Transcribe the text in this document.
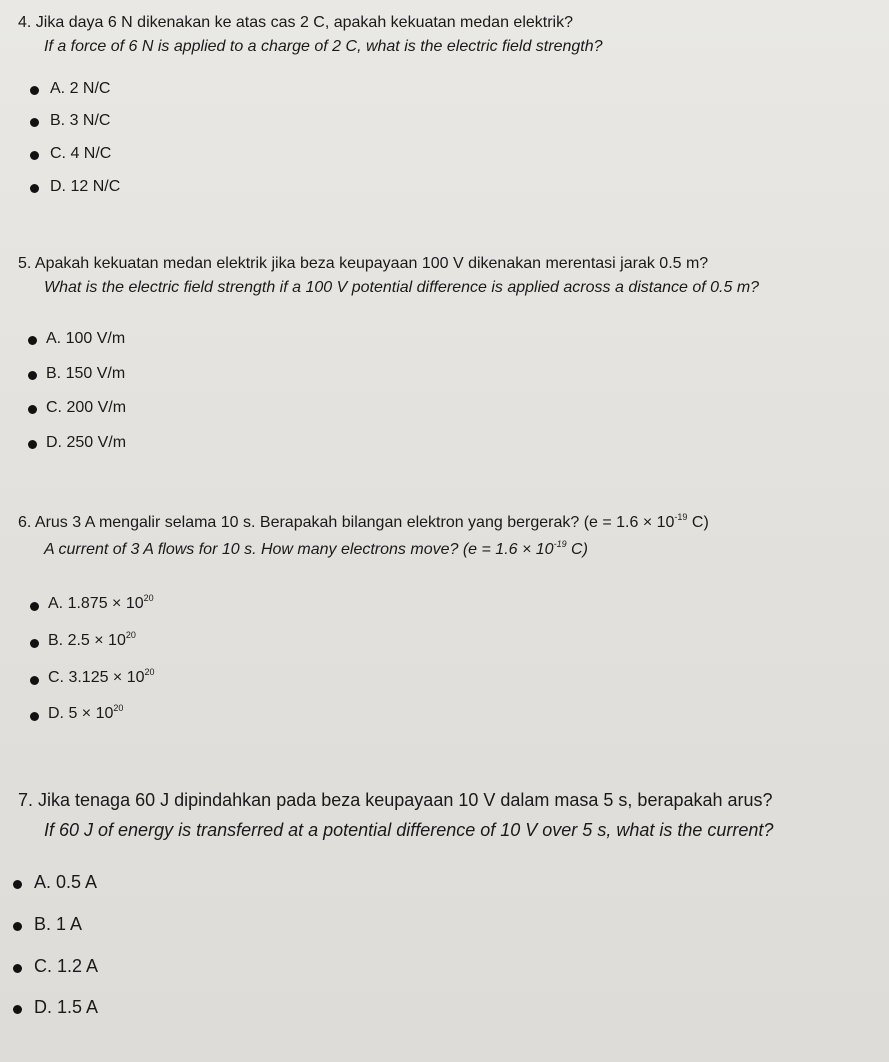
4. Jika daya 6 N dikenakan ke atas cas 2 C, apakah kekuatan medan elektrik?
If a force of 6 N is applied to a charge of 2 C, what is the electric field strength?
A. 2 N/C
B. 3 N/C
C. 4 N/C
D. 12 N/C
5. Apakah kekuatan medan elektrik jika beza keupayaan 100 V dikenakan merentasi jarak 0.5 m?
What is the electric field strength if a 100 V potential difference is applied across a distance of 0.5 m?
A. 100 V/m
B. 150 V/m
C. 200 V/m
D. 250 V/m
6. Arus 3 A mengalir selama 10 s. Berapakah bilangan elektron yang bergerak? ($e = 1.6 \times 10^{-19}$ C)
A current of 3 A flows for 10 s. How many electrons move? ($e = 1.6 \times 10^{-19}$ C)
A. $1.875 \times 10^{20}$
B. $2.5 \times 10^{20}$
C. $3.125 \times 10^{20}$
D. $5 \times 10^{20}$
7. Jika tenaga 60 J dipindahkan pada beza keupayaan 10 V dalam masa 5 s, berapakah arus?
If 60 J of energy is transferred at a potential difference of 10 V over 5 s, what is the current?
A. 0.5 A
B. 1 A
C. 1.2 A
D. 1.5 A
